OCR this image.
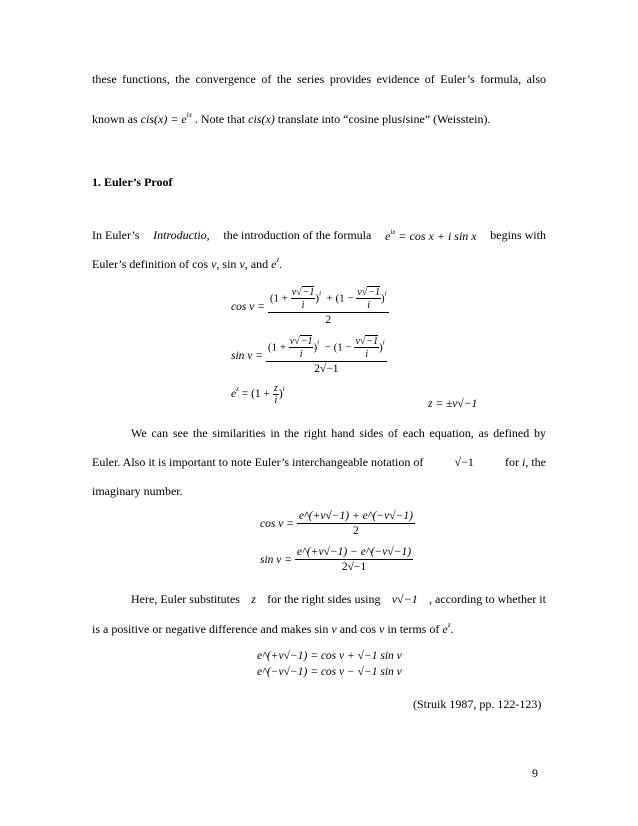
these functions, the convergence of the series provides evidence of Euler’s formula, also
known as $cis(x) = e^{ix}$ . Note that cis(x) translate into “cosine plusisine” (Weisstein).
1. Euler’s Proof
In Euler’s Introductio, the introduction of the formula $e^{ix} = \cos x + i$ sin x begins with
Euler’s definition of cos v, sin v, and $e^z$.
cos v =
$(1 + \frac{v√-1}{i} )^i + (1 - \frac{v√-1}{i} )^i$
2
sin v =
$(1 + \frac{v√-1}{i} )^i - (1 - \frac{v√-1}{i} )^i$
2√−1
$e^z = (1 + \frac{z}{i} )^i$
z = ±v√−1
We can see the similarities in the right hand sides of each equation, as defined by
Euler. Also it is important to note Euler’s interchangeable notation of	√−1	for i, the
imaginary number.
$\cos v = \frac{e\^{}(+v√-1) + e\^{}(-v√-1)}{2}$
$\sin v = \frac{e\^{}(+v√-1) - e\^{}(-v√-1)}{2√-1}$
Here, Euler substitutes z for the right sides using v√−1 , according to whether it
is a positive or negative difference and makes sin v and cos v in terms of $e^z$.
e^(+v√−1) = cos v + √−1 sin v
e^(−v√−1) = cos v − √−1 sin v
(Struik 1987, pp. 122-123)
9
